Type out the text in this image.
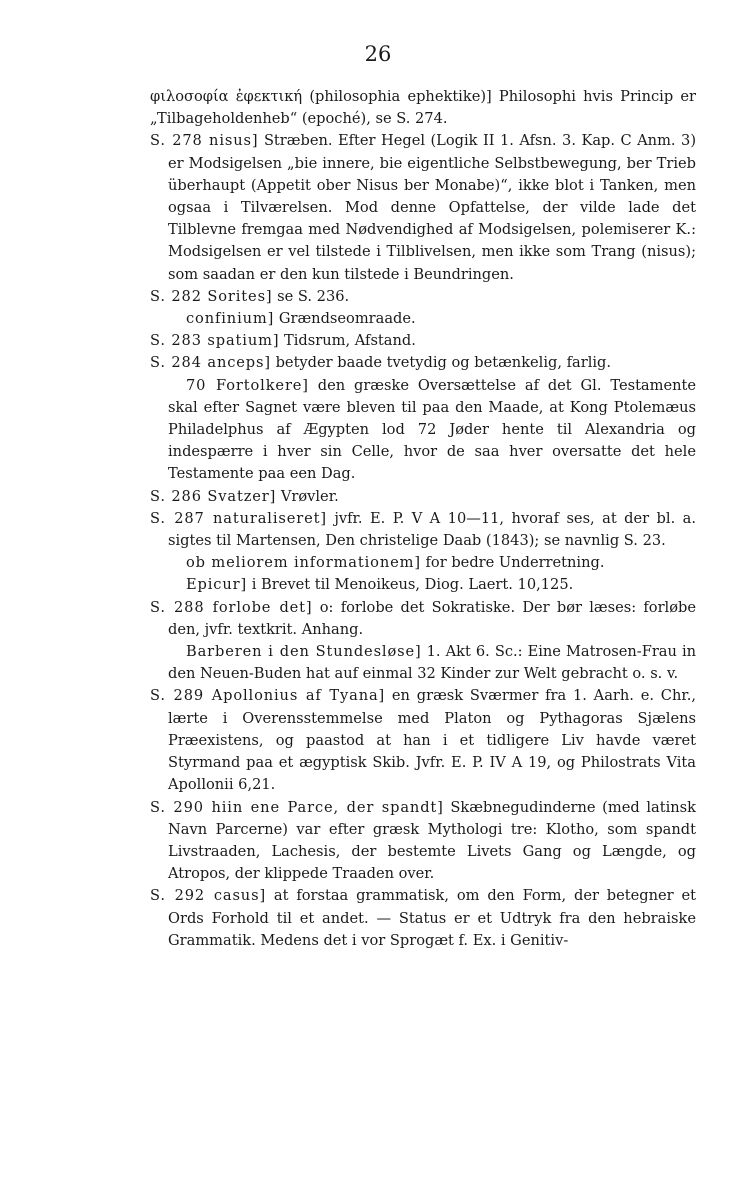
26

φιλοσοφία ἐφεκτική (philosophia ephektike)] Philosophi hvis Princip er „Tilbageholdenheb“ (epoché), se S. 274.

S. 278 nisus] Stræben. Efter Hegel (Logik II 1. Afsn. 3. Kap. C Anm. 3) er Modsigelsen „bie innere, bie eigentliche Selbstbewegung, ber Trieb überhaupt (Appetit ober Nisus ber Monabe)“, ikke blot i Tanken, men ogsaa i Tilværelsen. Mod denne Opfattelse, der vilde lade det Tilblevne fremgaa med Nødvendighed af Modsigelsen, polemiserer K.: Modsigelsen er vel tilstede i Tilblivelsen, men ikke som Trang (nisus); som saadan er den kun tilstede i Beundringen.

S. 282 Sorites] se S. 236.

confinium] Grændseomraade.

S. 283 spatium] Tidsrum, Afstand.

S. 284 anceps] betyder baade tvetydig og betænkelig, farlig.

70 Fortolkere] den græske Oversættelse af det Gl. Testamente skal efter Sagnet være bleven til paa den Maade, at Kong Ptolemæus Philadelphus af Ægypten lod 72 Jøder hente til Alexandria og indespærre i hver sin Celle, hvor de saa hver oversatte det hele Testamente paa een Dag.

S. 286 Svatzer] Vrøvler.

S. 287 naturaliseret] jvfr. E. P. V A 10—11, hvoraf ses, at der bl. a. sigtes til Martensen, Den christelige Daab (1843); se navnlig S. 23.

ob meliorem informationem] for bedre Underretning.

Epicur] i Brevet til Menoikeus, Diog. Laert. 10,125.

S. 288 forlobe det] o: forlobe det Sokratiske. Der bør læses: forløbe den, jvfr. textkrit. Anhang.

Barberen i den Stundesløse] 1. Akt 6. Sc.: Eine Matrosen-Frau in den Neuen-Buden hat auf einmal 32 Kinder zur Welt gebracht o. s. v.

S. 289 Apollonius af Tyana] en græsk Sværmer fra 1. Aarh. e. Chr., lærte i Overensstemmelse med Platon og Pythagoras Sjælens Præexistens, og paastod at han i et tidligere Liv havde været Styrmand paa et ægyptisk Skib. Jvfr. E. P. IV A 19, og Philostrats Vita Apollonii 6,21.

S. 290 hiin ene Parce, der spandt] Skæbnegudinderne (med latinsk Navn Parcerne) var efter græsk Mythologi tre: Klotho, som spandt Livstraaden, Lachesis, der bestemte Livets Gang og Længde, og Atropos, der klippede Traaden over.

S. 292 casus] at forstaa grammatisk, om den Form, der betegner et Ords Forhold til et andet. — Status er et Udtryk fra den hebraiske Grammatik. Medens det i vor Sprogæt f. Ex. i Genitiv-
